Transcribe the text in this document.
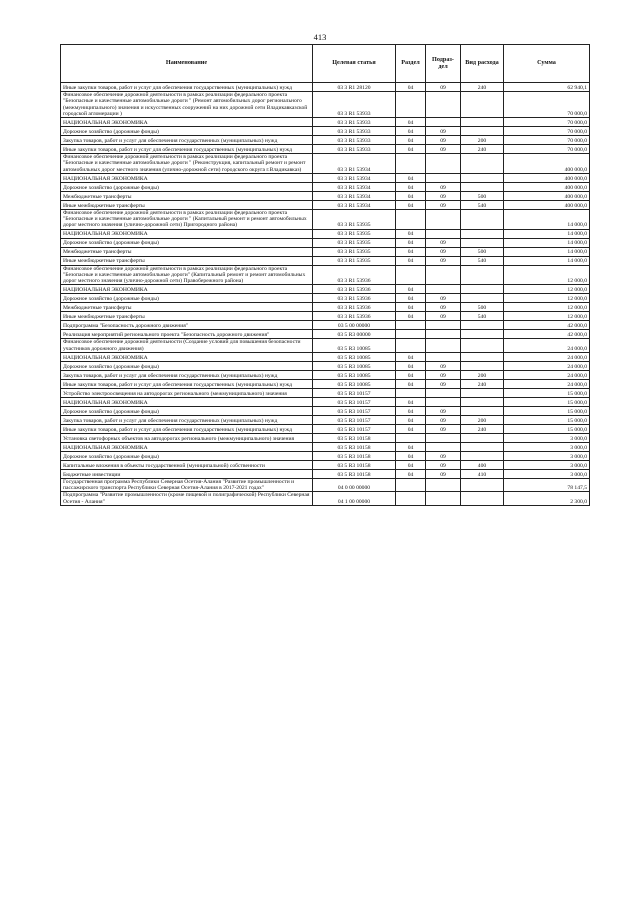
413
Наименование	Целевая статья	Раздел	Подраз-дел	Вид расхода	Сумма
Иные закупки товаров, работ и услуг для обеспечения государственных (муниципальных) нужд	03 3 R1 28120	04	09	240	62 940,1
Финансовое обеспечение дорожной деятельности в рамках реализации федерального проекта "Безопасные и качественные автомобильные дороги " (Ремонт автомобильных дорог регионального (межмуниципального) значения и искусственных сооружений на них дорожной сети Владикавказской городской агломерации )	03 3 R1 53933				70 000,0
НАЦИОНАЛЬНАЯ ЭКОНОМИКА	03 3 R1 53933	04			70 000,0
Дорожное хозяйство (дорожные фонды)	03 3 R1 53933	04	09		70 000,0
Закупка товаров, работ и услуг для обеспечения государственных (муниципальных) нужд	03 3 R1 53933	04	09	200	70 000,0
Иные закупки товаров, работ и услуг для обеспечения государственных (муниципальных) нужд	03 3 R1 53933	04	09	240	70 000,0
Финансовое обеспечение дорожной деятельности в рамках реализации федерального проекта "Безопасные и качественные автомобильные дороги " (Реконструкция, капитальный ремонт и ремонт автомобильных дорог местного значения (улично-дорожной сети) городского округа г.Владикавказ)	03 3 R1 53934				400 000,0
НАЦИОНАЛЬНАЯ ЭКОНОМИКА	03 3 R1 53934	04			400 000,0
Дорожное хозяйство (дорожные фонды)	03 3 R1 53934	04	09		400 000,0
Межбюджетные трансферты	03 3 R1 53934	04	09	500	400 000,0
Иные межбюджетные трансферты	03 3 R1 53934	04	09	540	400 000,0
Финансовое обеспечение дорожной деятельности в рамках реализации федерального проекта "Безопасные и качественные автомобильные дороги " (Капитальный ремонт и ремонт автомобильных дорог местного значения (улично-дорожной сети) Пригородного района)	03 3 R1 53935				14 000,0
НАЦИОНАЛЬНАЯ ЭКОНОМИКА	03 3 R1 53935	04			14 000,0
Дорожное хозяйство (дорожные фонды)	03 3 R1 53935	04	09		14 000,0
Межбюджетные трансферты	03 3 R1 53935	04	09	500	14 000,0
Иные межбюджетные трансферты	03 3 R1 53935	04	09	540	14 000,0
Финансовое обеспечение дорожной деятельности в рамках реализации федерального проекта "Безопасные и качественные автомобильные дороги" (Капитальный ремонт и ремонт автомобильных дорог местного значения (улично-дорожной сети) Правобережного района)	03 3 R1 53936				12 000,0
НАЦИОНАЛЬНАЯ ЭКОНОМИКА	03 3 R1 53936	04			12 000,0
Дорожное хозяйство (дорожные фонды)	03 3 R1 53936	04	09		12 000,0
Межбюджетные трансферты	03 3 R1 53936	04	09	500	12 000,0
Иные межбюджетные трансферты	03 3 R1 53936	04	09	540	12 000,0
Подпрограмма "Безопасность дорожного движения"	03 5 00 00000				42 000,0
Реализация мероприятий регионального проекта "Безопасность дорожного движения"	03 5 R3 00000				42 000,0
Финансовое обеспечение дорожной деятельности (Создание условий для повышения безопасности участников дорожного движения)	03 5 R3 10085				24 000,0
НАЦИОНАЛЬНАЯ ЭКОНОМИКА	03 5 R3 10085	04			24 000,0
Дорожное хозяйство (дорожные фонды)	03 5 R3 10085	04	09		24 000,0
Закупка товаров, работ и услуг для обеспечения государственных (муниципальных) нужд	03 5 R3 10085	04	09	200	24 000,0
Иные закупки товаров, работ и услуг для обеспечения государственных (муниципальных) нужд	03 5 R3 10085	04	09	240	24 000,0
Устройство электроосвещения на автодорогах регионального (межмуниципального) значения	03 5 R3 10157				15 000,0
НАЦИОНАЛЬНАЯ ЭКОНОМИКА	03 5 R3 10157	04			15 000,0
Дорожное хозяйство (дорожные фонды)	03 5 R3 10157	04	09		15 000,0
Закупка товаров, работ и услуг для обеспечения государственных (муниципальных) нужд	03 5 R3 10157	04	09	200	15 000,0
Иные закупки товаров, работ и услуг для обеспечения государственных (муниципальных) нужд	03 5 R3 10157	04	09	240	15 000,0
Установка светофорных объектов на автодорогах регионального (межмуниципального) значения	03 5 R3 10158				3 000,0
НАЦИОНАЛЬНАЯ ЭКОНОМИКА	03 5 R3 10158	04			3 000,0
Дорожное хозяйство (дорожные фонды)	03 5 R3 10158	04	09		3 000,0
Капитальные вложения в объекты государственной (муниципальной) собственности	03 5 R3 10158	04	09	400	3 000,0
Бюджетные инвестиции	03 5 R3 10158	04	09	410	3 000,0
Государственная программа Республики Северная Осетия-Алания "Развитие промышленности и пассажирского транспорта Республики Северная Осетия-Алания в 2017-2021 годах"	04 0 00 00000				78 147,5
Подпрограмма "Развитие промышленности (кроме пищевой и полиграфической) Республики Северная Осетия - Алания"	04 1 00 00000				2 300,0
